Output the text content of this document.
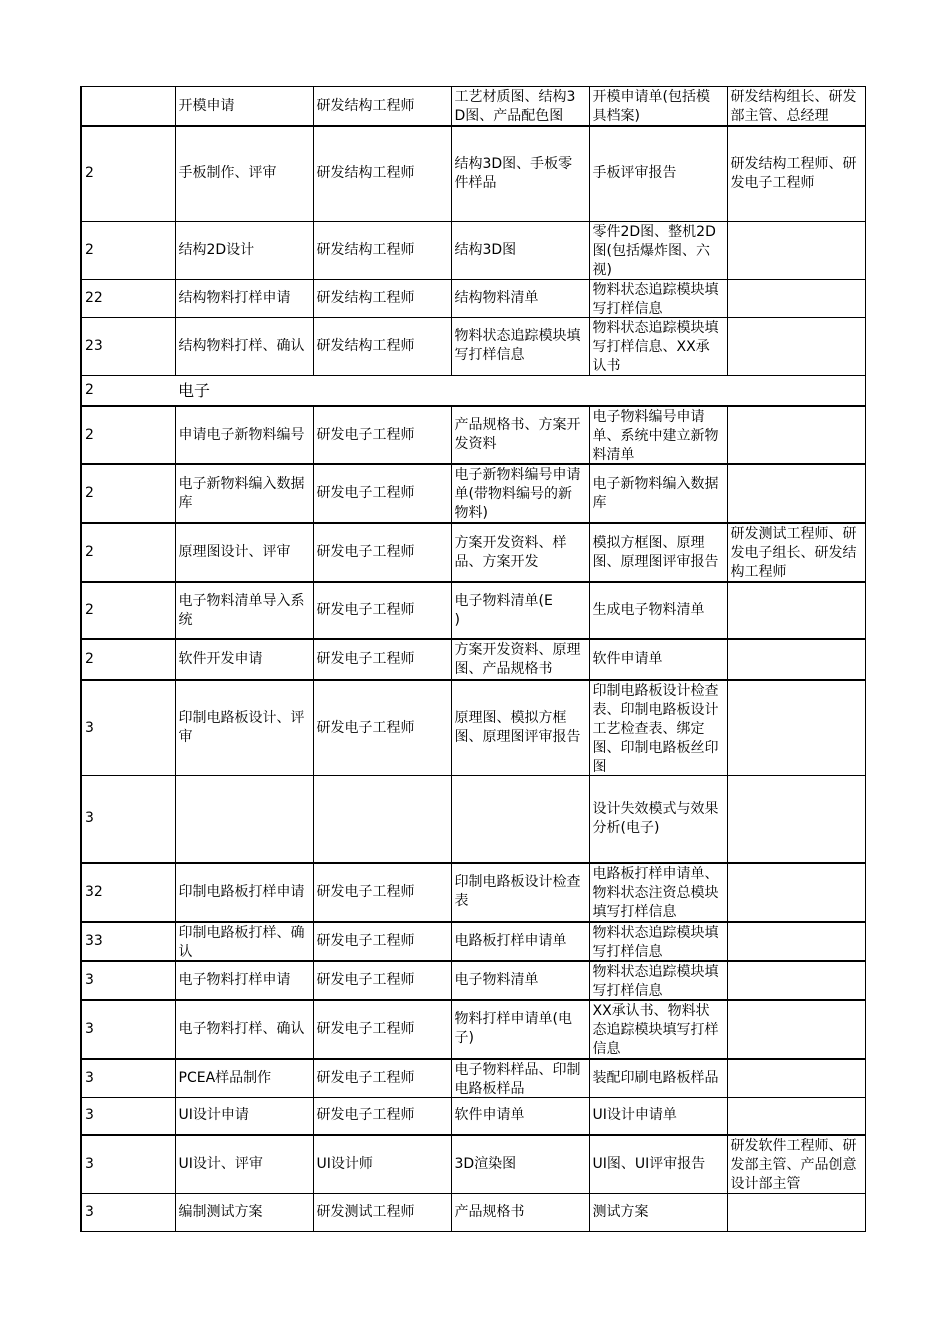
	开模申请	研发结构工程师	工艺材质图、结构3D图、产品配色图	开模申请单(包括模具档案)	研发结构组长、研发部主管、总经理

2	手板制作、评审	研发结构工程师	结构3D图、手板零件样品	手板评审报告	研发结构工程师、研发电子工程师

2	结构2D设计	研发结构工程师	结构3D图	零件2D图、整机2D图(包括爆炸图、六视)	

22	结构物料打样申请	研发结构工程师	结构物料清单	物料状态追踪模块填写打样信息	

23	结构物料打样、确认	研发结构工程师	物料状态追踪模块填写打样信息	物料状态追踪模块填写打样信息、XX承认书	

2	电子				

2	申请电子新物料编号	研发电子工程师	产品规格书、方案开发资料	电子物料编号申请单、系统中建立新物料清单	

2	电子新物料编入数据库	研发电子工程师	电子新物料编号申请单(带物料编号的新物料)	电子新物料编入数据库	

2	原理图设计、评审	研发电子工程师	方案开发资料、样品、方案开发	模拟方框图、原理图、原理图评审报告	研发测试工程师、研发电子组长、研发结构工程师

2	电子物料清单导入系统	研发电子工程师	电子物料清单(E　　　)	生成电子物料清单	

2	软件开发申请	研发电子工程师	方案开发资料、原理图、产品规格书	软件申请单	

3	印制电路板设计、评审	研发电子工程师	原理图、模拟方框图、原理图评审报告	印制电路板设计检查表、印制电路板设计工艺检查表、绑定图、印制电路板丝印图	

3				设计失效模式与效果分析(电子)	

32	印制电路板打样申请	研发电子工程师	印制电路板设计检查表	电路板打样申请单、物料状态注资总模块填写打样信息	

33	印制电路板打样、确认	研发电子工程师	电路板打样申请单	物料状态追踪模块填写打样信息	

3	电子物料打样申请	研发电子工程师	电子物料清单	物料状态追踪模块填写打样信息	

3	电子物料打样、确认	研发电子工程师	物料打样申请单(电子)	XX承认书、物料状态追踪模块填写打样信息	

3	PCEA样品制作	研发电子工程师	电子物料样品、印制电路板样品	装配印刷电路板样品	

3	UI设计申请	研发电子工程师	软件申请单	UI设计申请单	

3	UI设计、评审	UI设计师	3D渲染图	UI图、UI评审报告	研发软件工程师、研发部主管、产品创意设计部主管

3	编制测试方案	研发测试工程师	产品规格书	测试方案	
